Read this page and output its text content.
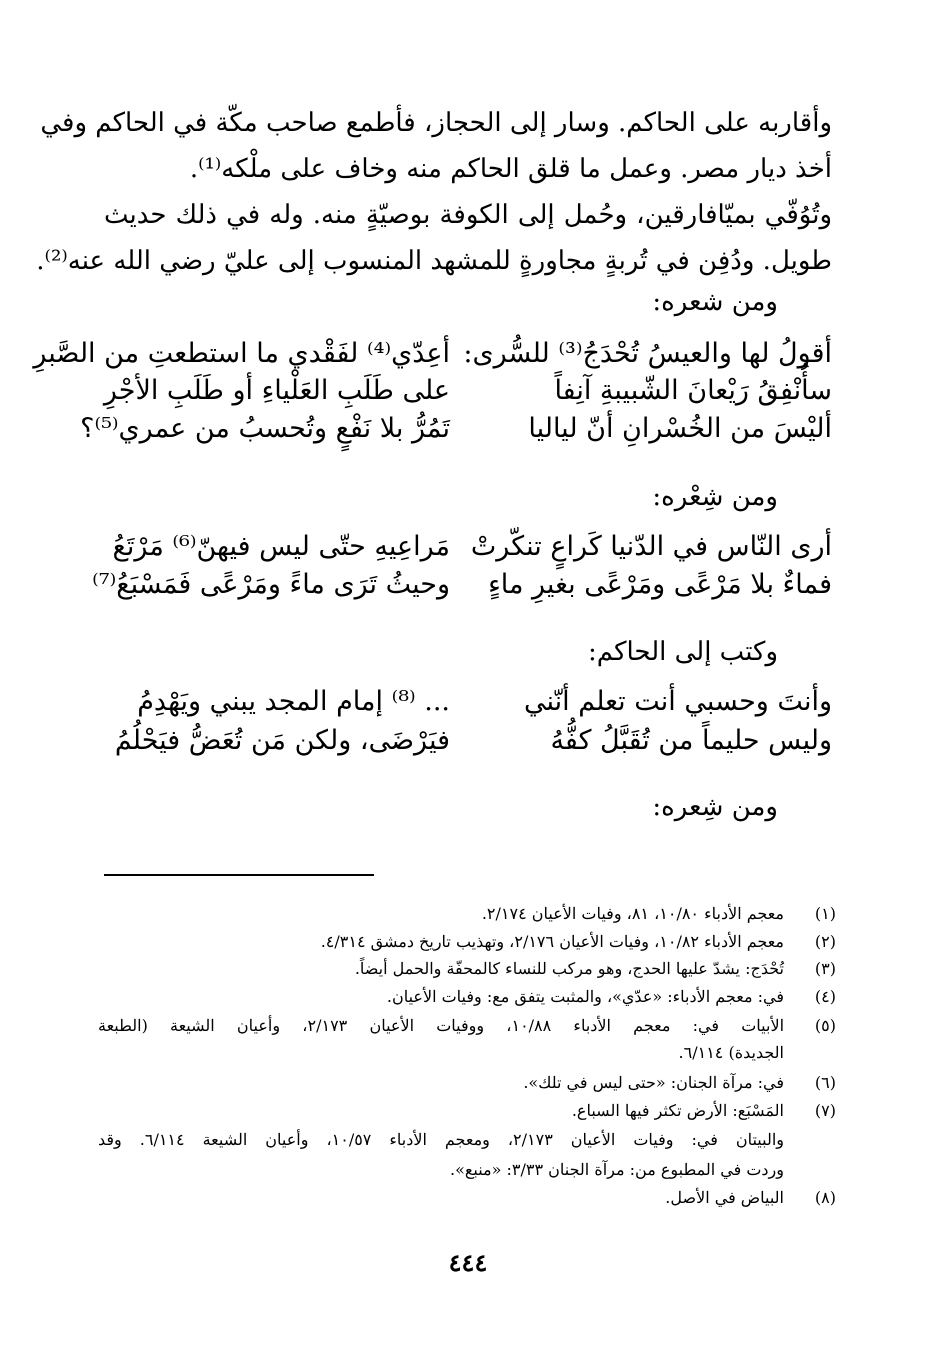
وأقاربه على الحاكم. وسار إلى الحجاز، فأطمع صاحب مكّة في الحاكم وفي
أخذ ديار مصر. وعمل ما قلق الحاكم منه وخاف على ملْكه⁽¹⁾.
وتُوُفّي بميّافارقين، وحُمل إلى الكوفة بوصيّةٍ منه. وله في ذلك حديث
طويل. ودُفِن في تُربةٍ مجاورةٍ للمشهد المنسوب إلى عليّ رضي الله عنه⁽²⁾.
ومن شعره:
أقولُ لها والعيسُ تُحْدَجُ⁽³⁾ للسُّرى:
أعِدّي⁽⁴⁾ لفَقْدي ما استطعتِ من الصَّبرِ
سأُنْفِقُ رَيْعانَ الشّبيبةِ آنِفاً
على طَلَبِ العَلْياءِ أو طَلَبِ الأجْرِ
أليْسَ من الخُسْرانِ أنّ لياليا
تَمُرُّ بلا نَفْعٍ وتُحسبُ من عمري⁽⁵⁾؟
ومن شِعْره:
أرى النّاس في الدّنيا كَراعٍ تنكّرتْ
مَراعِيهِ حتّى ليس فيهنّ⁽⁶⁾ مَرْتَعُ
فماءٌ بلا مَرْعًى ومَرْعًى بغيرِ ماءٍ
وحيثُ تَرَى ماءً ومَرْعًى فَمَسْبَعُ⁽⁷⁾
وكتب إلى الحاكم:
وأنتَ وحسبي أنت تعلم أنّني
... ⁽⁸⁾ إمام المجد يبني ويَهْدِمُ
وليس حليماً من تُقَبَّلُ كفُّهُ
فيَرْضَى، ولكن مَن تُعَضُّ فيَحْلُمُ
ومن شِعره:
(١)
معجم الأدباء ١٠/٨٠، ٨١، وفيات الأعيان ٢/١٧٤.
(٢)
معجم الأدباء ١٠/٨٢، وفيات الأعيان ٢/١٧٦، وتهذيب تاريخ دمشق ٤/٣١٤.
(٣)
تُحْدَج: يشدّ عليها الحدج، وهو مركب للنساء كالمحفّة والحمل أيضاً.
(٤)
في: معجم الأدباء: «عدّي»، والمثبت يتفق مع: وفيات الأعيان.
(٥)
الأبيات في: معجم الأدباء ١٠/٨٨، ووفيات الأعيان ٢/١٧٣، وأعيان الشيعة (الطبعة
الجديدة) ٦/١١٤.
(٦)
في: مرآة الجنان: «حتى ليس في تلك».
(٧)
المَسْبَع: الأرض تكثر فيها السباع.
والبيتان في: وفيات الأعيان ٢/١٧٣، ومعجم الأدباء ١٠/٥٧، وأعيان الشيعة ٦/١١٤. وقد
وردت في المطبوع من: مرآة الجنان ٣/٣٣: «منبع».
(٨)
البياض في الأصل.
٤٤٤
